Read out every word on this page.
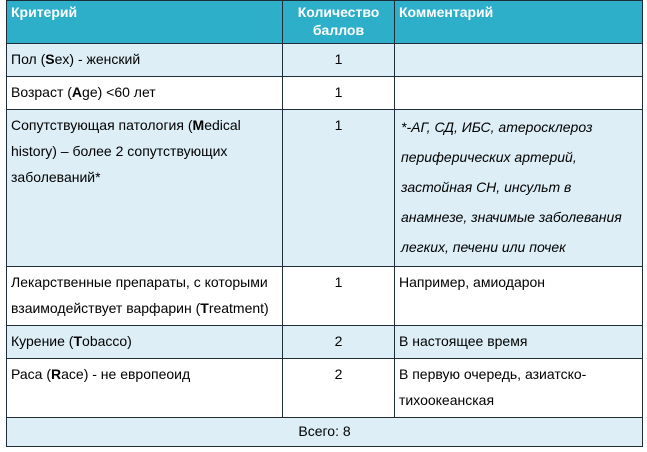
Критерий	Количество баллов	Комментарий
Пол (Sex) - женский	1	
Возраст (Age) <60 лет	1	
Сопутствующая патология (Medical history) – более 2 сопутствующих заболеваний*	1	*-АГ, СД, ИБС, атеросклероз периферических артерий, застойная СН, инсульт в анамнезе, значимые заболевания легких, печени или почек
Лекарственные препараты, с которыми взаимодействует варфарин (Treatment)	1	Например, амиодарон
Курение (Tobacco)	2	В настоящее время
Раса (Race) - не европеоид	2	В первую очередь, азиатско-тихоокеанская
Всего: 8		
